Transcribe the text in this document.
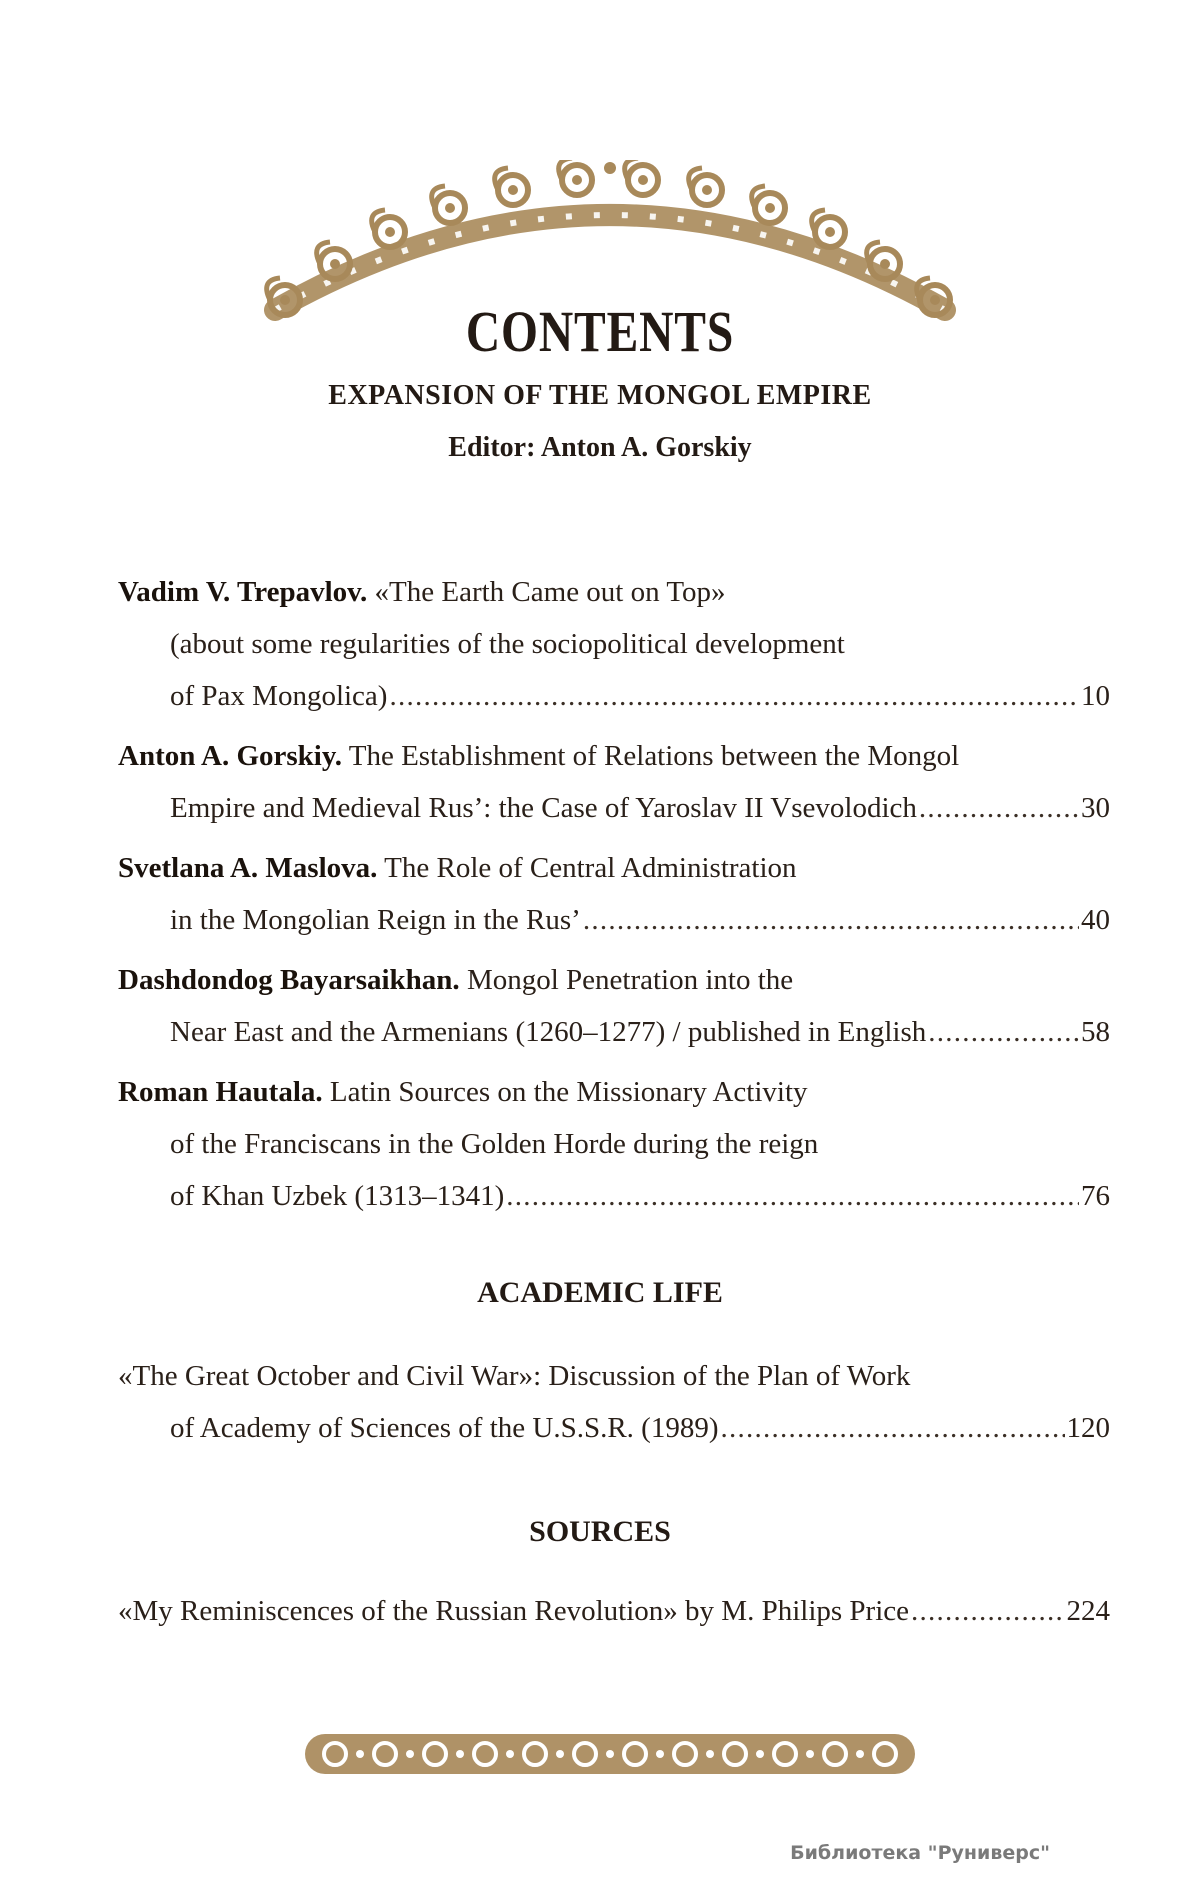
CONTENTS
EXPANSION OF THE MONGOL EMPIRE
Editor: Anton A. Gorskiy
Vadim V. Trepavlov. «The Earth Came out on Top»
(about some regularities of the sociopolitical development
of Pax Mongolica) . . .	10
Anton A. Gorskiy. The Establishment of Relations between the Mongol
Empire and Medieval Rus’: the Case of Yaroslav II Vsevolodich . . .	30
Svetlana A. Maslova. The Role of Central Administration
in the Mongolian Reign in the Rus’ . . .	40
Dashdondog Bayarsaikhan. Mongol Penetration into the
Near East and the Armenians (1260–1277) / published in English . . .	58
Roman Hautala. Latin Sources on the Missionary Activity
of the Franciscans in the Golden Horde during the reign
of Khan Uzbek (1313–1341) . . .	76
ACADEMIC LIFE
«The Great October and Civil War»: Discussion of the Plan of Work
of Academy of Sciences of the U.S.S.R. (1989) . . .	120
SOURCES
«My Reminiscences of the Russian Revolution» by M. Philips Price . . .	224
Библиотека "Руниверс"
